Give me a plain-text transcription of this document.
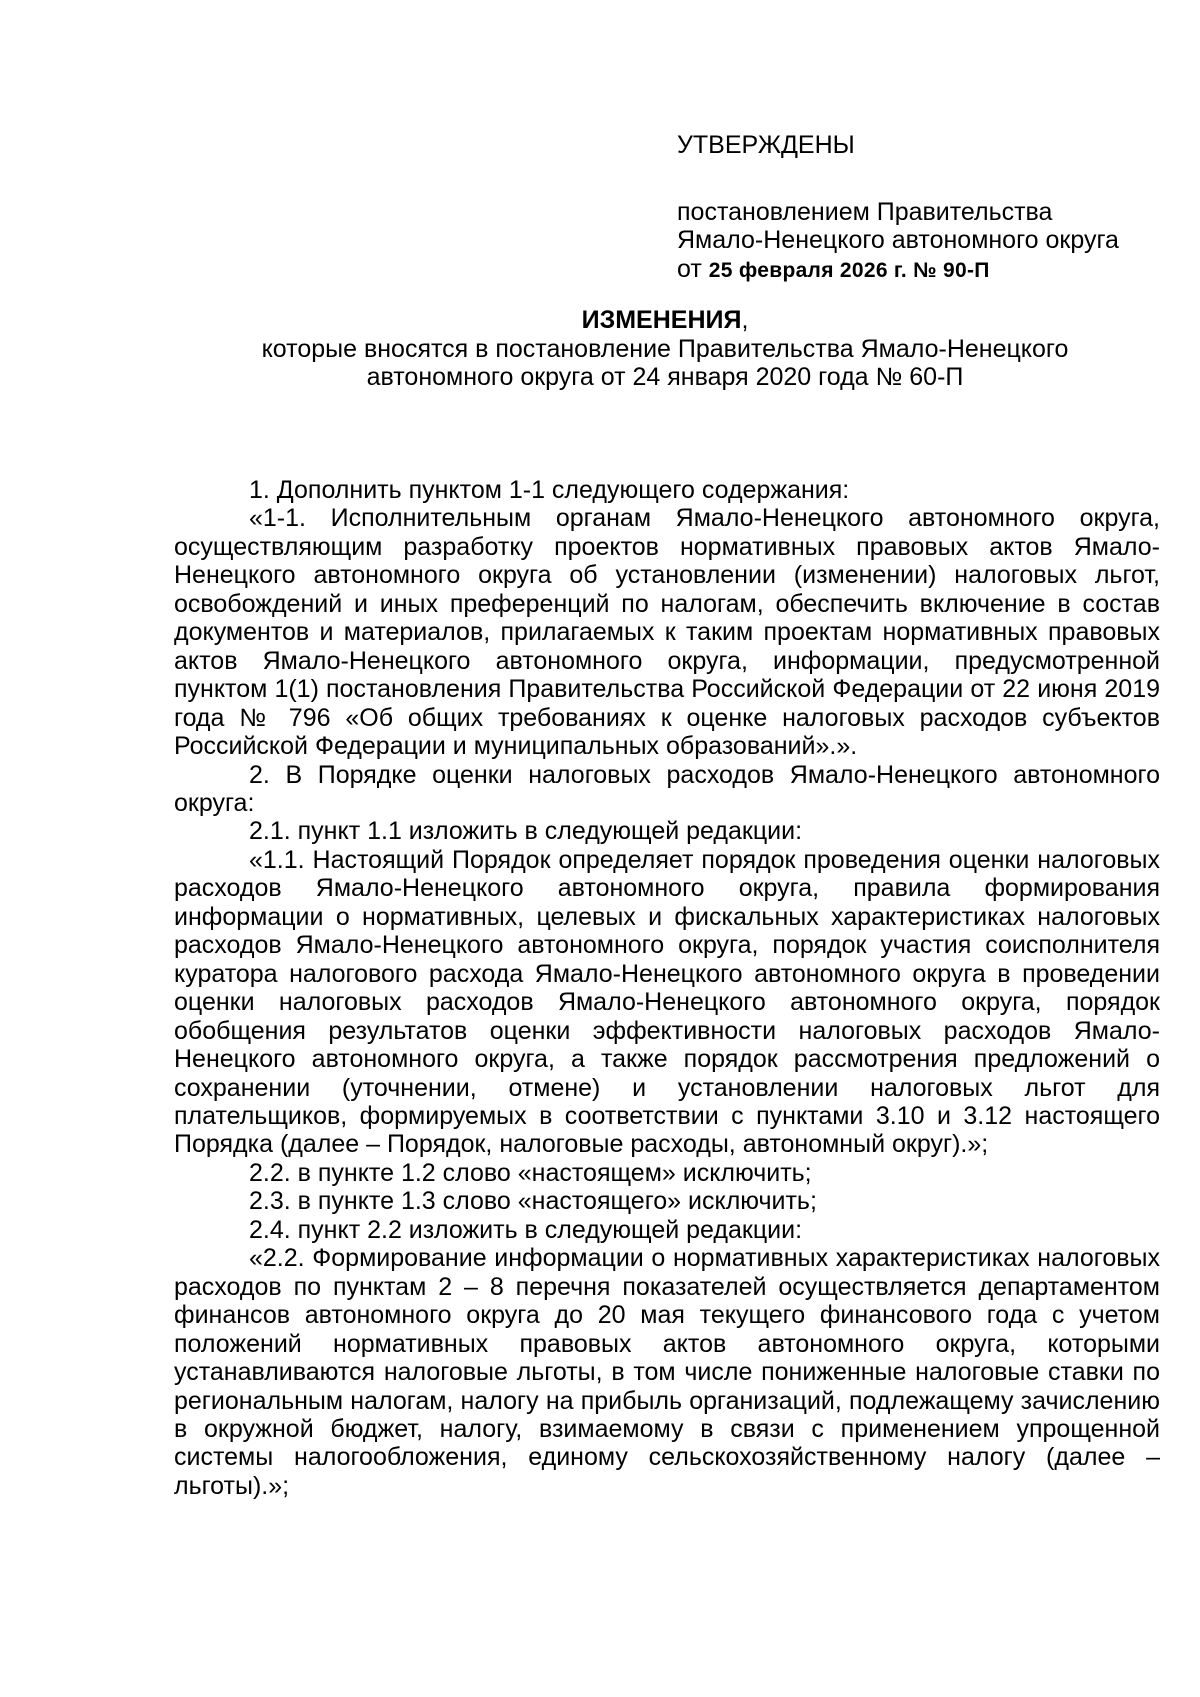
УТВЕРЖДЕНЫ
постановлением Правительства
Ямало-Ненецкого автономного округа
от 25 февраля 2026 г. № 90-П
ИЗМЕНЕНИЯ,
которые вносятся в постановление Правительства Ямало-Ненецкого
автономного округа от 24 января 2020 года № 60-П

1. Дополнить пунктом 1-1 следующего содержания:

«1-1. Исполнительным органам Ямало-Ненецкого автономного округа, осуществляющим разработку проектов нормативных правовых актов Ямало-Ненецкого автономного округа об установлении (изменении) налоговых льгот, освобождений и иных преференций по налогам, обеспечить включение в состав документов и материалов, прилагаемых к таким проектам нормативных правовых актов Ямало-Ненецкого автономного округа, информации, предусмотренной пунктом 1(1) постановления Правительства Российской Федерации от 22 июня 2019 года № 796 «Об общих требованиях к оценке налоговых расходов субъектов Российской Федерации и муниципальных образований».».

2. В Порядке оценки налоговых расходов Ямало-Ненецкого автономного округа:

2.1. пункт 1.1 изложить в следующей редакции:

«1.1. Настоящий Порядок определяет порядок проведения оценки налоговых расходов Ямало-Ненецкого автономного округа, правила формирования информации о нормативных, целевых и фискальных характеристиках налоговых расходов Ямало-Ненецкого автономного округа, порядок участия соисполнителя куратора налогового расхода Ямало-Ненецкого автономного округа в проведении оценки налоговых расходов Ямало-Ненецкого автономного округа, порядок обобщения результатов оценки эффективности налоговых расходов Ямало-Ненецкого автономного округа, а также порядок рассмотрения предложений о сохранении (уточнении, отмене) и установлении налоговых льгот для плательщиков, формируемых в соответствии с пунктами 3.10 и 3.12 настоящего Порядка (далее – Порядок, налоговые расходы, автономный округ).»;

2.2. в пункте 1.2 слово «настоящем» исключить;

2.3. в пункте 1.3 слово «настоящего» исключить;

2.4. пункт 2.2 изложить в следующей редакции:

«2.2. Формирование информации о нормативных характеристиках налоговых расходов по пунктам 2 – 8 перечня показателей осуществляется департаментом финансов автономного округа до 20 мая текущего финансового года с учетом положений нормативных правовых актов автономного округа, которыми устанавливаются налоговые льготы, в том числе пониженные налоговые ставки по региональным налогам, налогу на прибыль организаций, подлежащему зачислению в окружной бюджет, налогу, взимаемому в связи с применением упрощенной системы налогообложения, единому сельскохозяйственному налогу (далее – льготы).»;
